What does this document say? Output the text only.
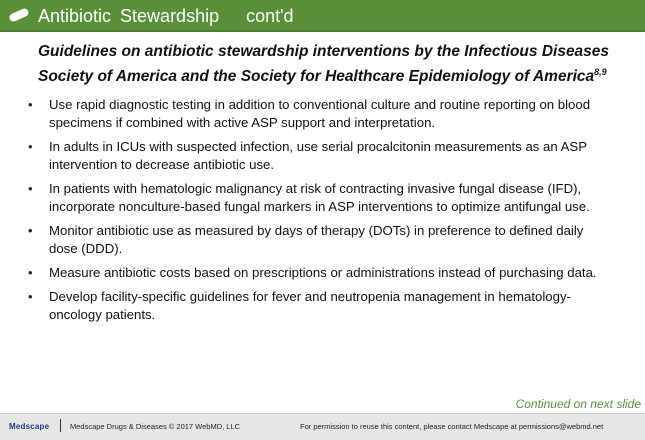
Antibiotic Stewardship   cont'd
Guidelines on antibiotic stewardship interventions by the Infectious Diseases Society of America and the Society for Healthcare Epidemiology of America$^{8,9}$
• Use rapid diagnostic testing in addition to conventional culture and routine reporting on blood specimens if combined with active ASP support and interpretation.
• In adults in ICUs with suspected infection, use serial procalcitonin measurements as an ASP intervention to decrease antibiotic use.
• In patients with hematologic malignancy at risk of contracting invasive fungal disease (IFD), incorporate nonculture-based fungal markers in ASP interventions to optimize antifungal use.
• Monitor antibiotic use as measured by days of therapy (DOTs) in preference to defined daily dose (DDD).
• Measure antibiotic costs based on prescriptions or administrations instead of purchasing data.
• Develop facility-specific guidelines for fever and neutropenia management in hematology-oncology patients.
Continued on next slide
Medscape	Medscape Drugs & Diseases © 2017 WebMD, LLC	For permission to reuse this content, please contact Medscape at permissions@webmd.net
